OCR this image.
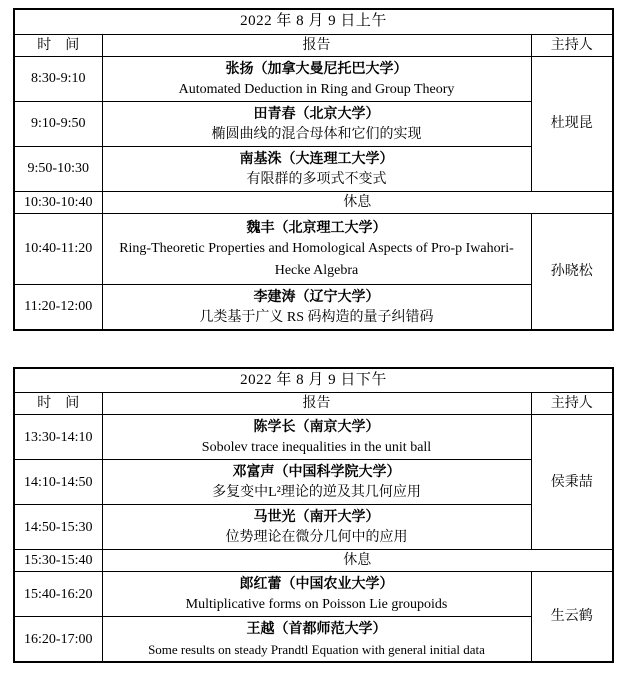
2022 年 8 月 9 日上午		
时　间	报告	主持人
8:30-9:10	张扬（加拿大曼尼托巴大学）
Automated Deduction in Ring and Group Theory	杜现昆
9:10-9:50	田青春（北京大学）
椭圆曲线的混合母体和它们的实现	

9:50-10:30	南基洙（大连理工大学）
有限群的多项式不变式	

10:30-10:40	休息	
10:40-11:20	魏丰（北京理工大学）
Ring-Theoretic Properties and Homological Aspects of Pro-p Iwahori-Hecke Algebra	孙晓松
11:20-12:00	李建涛（辽宁大学）
几类基于广义 RS 码构造的量子纠错码	
2022 年 8 月 9 日下午		
时　间	报告	主持人
13:30-14:10	陈学长（南京大学）
Sobolev trace inequalities in the unit ball	侯秉喆
14:10-14:50	邓富声（中国科学院大学）
多复变中L²理论的逆及其几何应用	

14:50-15:30	马世光（南开大学）
位势理论在微分几何中的应用	

15:30-15:40	休息	
15:40-16:20	郎红蕾（中国农业大学）
Multiplicative forms on Poisson Lie groupoids	生云鹤
16:20-17:00	王越（首都师范大学）
Some results on steady Prandtl Equation with general initial data	
